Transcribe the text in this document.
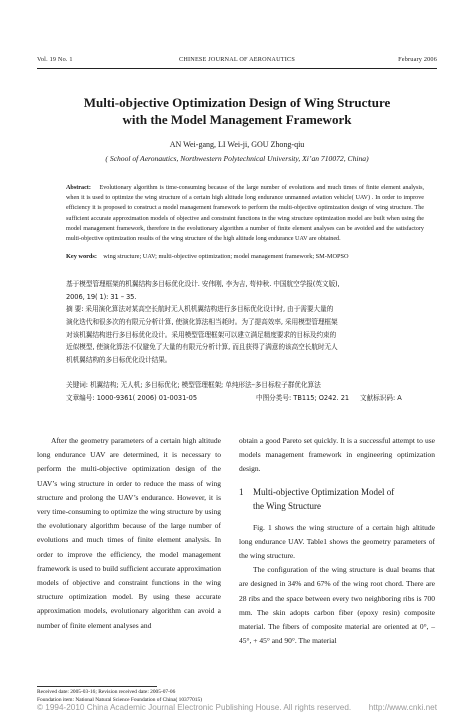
Vol. 19 No. 1	CHINESE JOURNAL OF AERONAUTICS	February 2006
Multi-objective Optimization Design of Wing Structure
with the Model Management Framework
AN Wei-gang, LI Wei-ji, GOU Zhong-qiu
( School of Aeronautics, Northwestern Polytechnical University, Xi’an 710072, China)
Abstract: Evolutionary algorithm is time-consuming because of the large number of evolutions and much times of finite element analysis, when it is used to optimize the wing structure of a certain high altitude long endurance unmanned aviation vehicle( UAV) . In order to improve efficiency it is proposed to construct a model management framework to perform the multi-objective optimization design of wing structure. The sufficient accurate approximation models of objective and constraint functions in the wing structure optimization model are built when using the model management framework, therefore in the evolutionary algorithm a number of finite element analyses can be avoided and the satisfactory multi-objective optimization results of the wing structure of the high altitude long endurance UAV are obtained.
Key words: wing structure; UAV; multi-objective optimization; model management framework; SM-MOPSO
基于模型管理框架的机翼结构多目标优化设计. 安伟刚, 李为吉, 苟仲秋. 中国航空学报(英文版),
2006, 19( 1): 31 – 35.
摘 要: 采用演化算法对某高空长航时无人机机翼结构进行多目标优化设计时, 由于需要大量的
演化迭代和很多次的有限元分析计算, 使演化算法相当耗时。为了提高效率, 采用模型管理框架
对该机翼结构进行多目标优化设计。采用模型管理框架可以建立满足精度要求的目标及约束的
近似模型, 使演化算法不仅避免了大量的有限元分析计算, 而且获得了满意的该高空长航时无人
机机翼结构的多目标优化设计结果。
关键词: 机翼结构; 无人机; 多目标优化; 模型管理框架; 单纯形法–多目标粒子群优化算法
文章编号: 1000-9361( 2006) 01-0031-05	中图分类号: TB115; O242. 21 文献标识码: A

After the geometry parameters of a certain high altitude long endurance UAV are determined, it is necessary to perform the multi-objective optimization design of the UAV’s wing structure in order to reduce the mass of wing structure and prolong the UAV’s endurance. However, it is very time-consuming to optimize the wing structure by using the evolutionary algorithm because of the large number of evolutions and much times of finite element analysis. In order to improve the efficiency, the model management framework is used to build sufficient accurate approximation models of objective and constraint functions in the wing structure optimization model. By using these accurate approximation models, evolutionary algorithm can avoid a number of finite element analyses and

obtain a good Pareto set quickly. It is a successful attempt to use models management framework in engineering optimization design.

1 Multi-objective Optimization Model of
the Wing Structure

Fig. 1 shows the wing structure of a certain high altitude long endurance UAV. Table1 shows the geometry parameters of the wing structure.

The configuration of the wing structure is dual beams that are designed in 34% and 67% of the wing root chord. There are 28 ribs and the space between every two neighboring ribs is 700 mm. The skin adopts carbon fiber (epoxy resin) composite material. The fibers of composite material are oriented at 0°, – 45°, + 45° and 90°. The material

Received date: 2005-03-16; Revision received date: 2005-07-06
Foundation item: National Natural Science Foundation of China( 10377015)
© 1994-2010 China Academic Journal Electronic Publishing House. All rights reserved. http://www.cnki.net
